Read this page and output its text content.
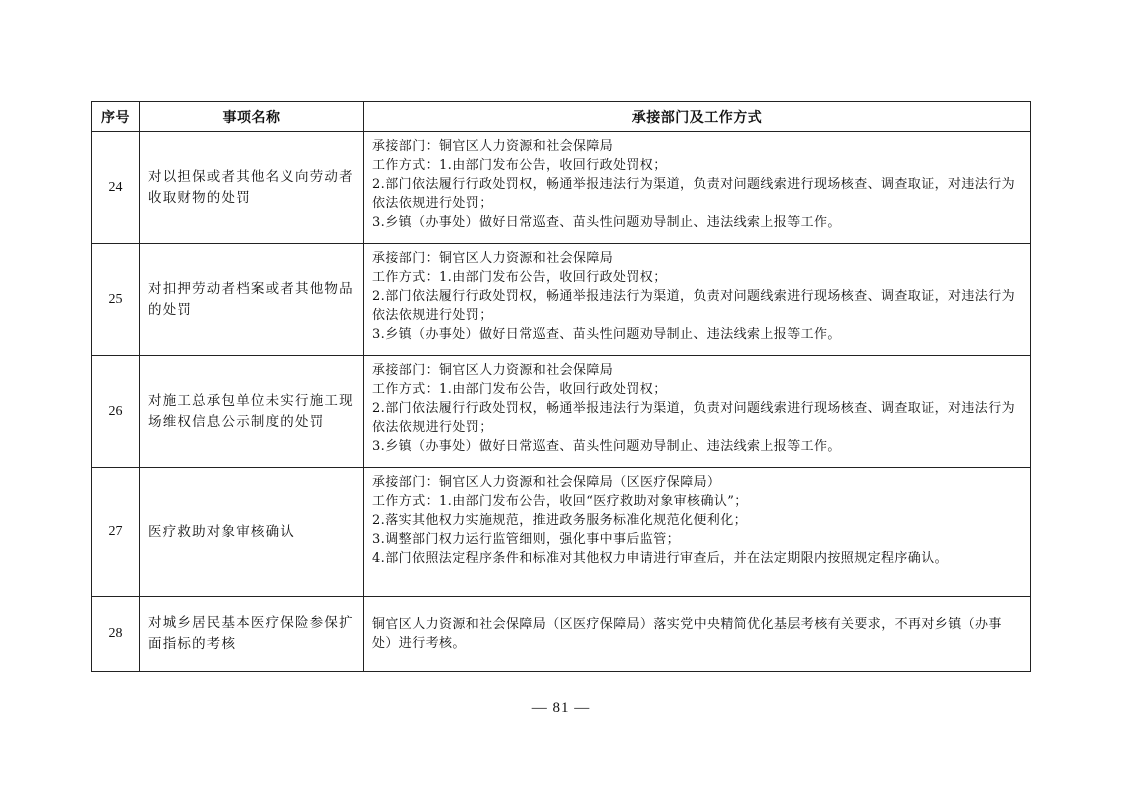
序号	事项名称	承接部门及工作方式
24	对以担保或者其他名义向劳动者收取财物的处罚	承接部门：铜官区人力资源和社会保障局
工作方式：1.由部门发布公告，收回行政处罚权；
2.部门依法履行行政处罚权，畅通举报违法行为渠道，负责对问题线索进行现场核查、调查取证，对违法行为依法依规进行处罚；
3.乡镇（办事处）做好日常巡查、苗头性问题劝导制止、违法线索上报等工作。

25	对扣押劳动者档案或者其他物品的处罚	承接部门：铜官区人力资源和社会保障局
工作方式：1.由部门发布公告，收回行政处罚权；
2.部门依法履行行政处罚权，畅通举报违法行为渠道，负责对问题线索进行现场核查、调查取证，对违法行为依法依规进行处罚；
3.乡镇（办事处）做好日常巡查、苗头性问题劝导制止、违法线索上报等工作。

26	对施工总承包单位未实行施工现场维权信息公示制度的处罚	承接部门：铜官区人力资源和社会保障局
工作方式：1.由部门发布公告，收回行政处罚权；
2.部门依法履行行政处罚权，畅通举报违法行为渠道，负责对问题线索进行现场核查、调查取证，对违法行为依法依规进行处罚；
3.乡镇（办事处）做好日常巡查、苗头性问题劝导制止、违法线索上报等工作。

27	医疗救助对象审核确认	承接部门：铜官区人力资源和社会保障局（区医疗保障局）
工作方式：1.由部门发布公告，收回“医疗救助对象审核确认”；
2.落实其他权力实施规范，推进政务服务标准化规范化便利化；
3.调整部门权力运行监管细则，强化事中事后监管；
4.部门依照法定程序条件和标准对其他权力申请进行审查后，并在法定期限内按照规定程序确认。

28	对城乡居民基本医疗保险参保扩面指标的考核	铜官区人力资源和社会保障局（区医疗保障局）落实党中央精简优化基层考核有关要求，不再对乡镇（办事处）进行考核。
— 81 —
